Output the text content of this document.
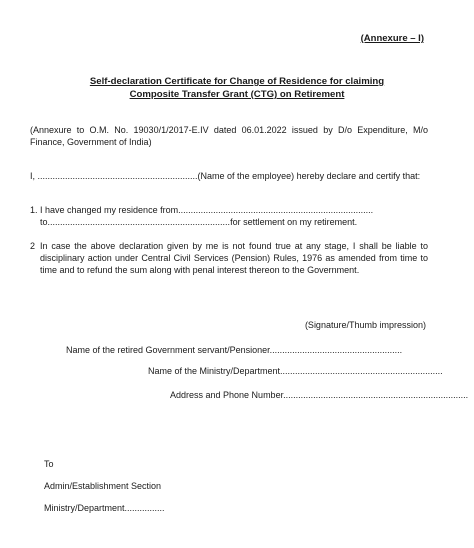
(Annexure – I)
Self-declaration Certificate for Change of Residence for claiming
Composite Transfer Grant (CTG) on Retirement
(Annexure to O.M. No. 19030/1/2017-E.IV dated 06.01.2022 issued by D/o Expenditure, M/o Finance, Government of India)
I, ................................................................(Name of the employee) hereby declare and certify that:
1. I have changed my residence from..............................................................................
to.........................................................................for settlement on my retirement.
2 In case the above declaration given by me is not found true at any stage, I shall be liable to disciplinary action under Central Civil Services (Pension) Rules, 1976 as amended from time to time and to refund the sum along with penal interest thereon to the Government.
(Signature/Thumb impression)
Name of the retired Government servant/Pensioner.....................................................
Name of the Ministry/Department.................................................................
Address and Phone Number..........................................................................
To
Admin/Establishment Section
Ministry/Department................
